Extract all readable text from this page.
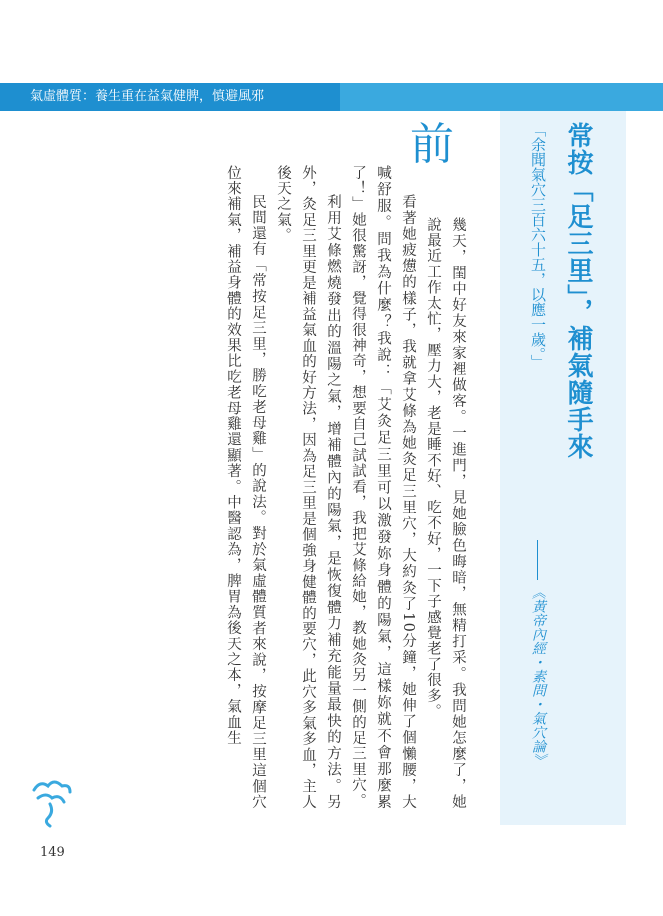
氣虛體質：養生重在益氣健脾，慎避風邪
常按「足三里」，補氣隨手來
「余聞氣穴三百六十五，以應一歲。」
《黃帝內經・素問・氣穴論》
前

幾天，閨中好友來家裡做客。一進門，見她臉色晦暗，無精打采。我問她怎麼了，她說最近工作太忙，壓力大，老是睡不好、吃不好，一下子感覺老了很多。

看著她疲憊的樣子，我就拿艾條為她灸足三里穴，大約灸了10分鐘，她伸了個懶腰，大喊舒服。問我為什麼？我說：「艾灸足三里可以激發妳身體的陽氣，這樣妳就不會那麼累了！」她很驚訝，覺得很神奇，想要自己試試看，我把艾條給她，教她灸另一側的足三里穴。

利用艾條燃燒發出的溫陽之氣，增補體內的陽氣，是恢復體力補充能量最快的方法。另外，灸足三里更是補益氣血的好方法，因為足三里是個強身健體的要穴，此穴多氣多血，主人後天之氣。

民間還有「常按足三里，勝吃老母雞」的說法。對於氣虛體質者來說，按摩足三里這個穴位來補氣，補益身體的效果比吃老母雞還顯著。中醫認為，脾胃為後天之本，氣血生

149
